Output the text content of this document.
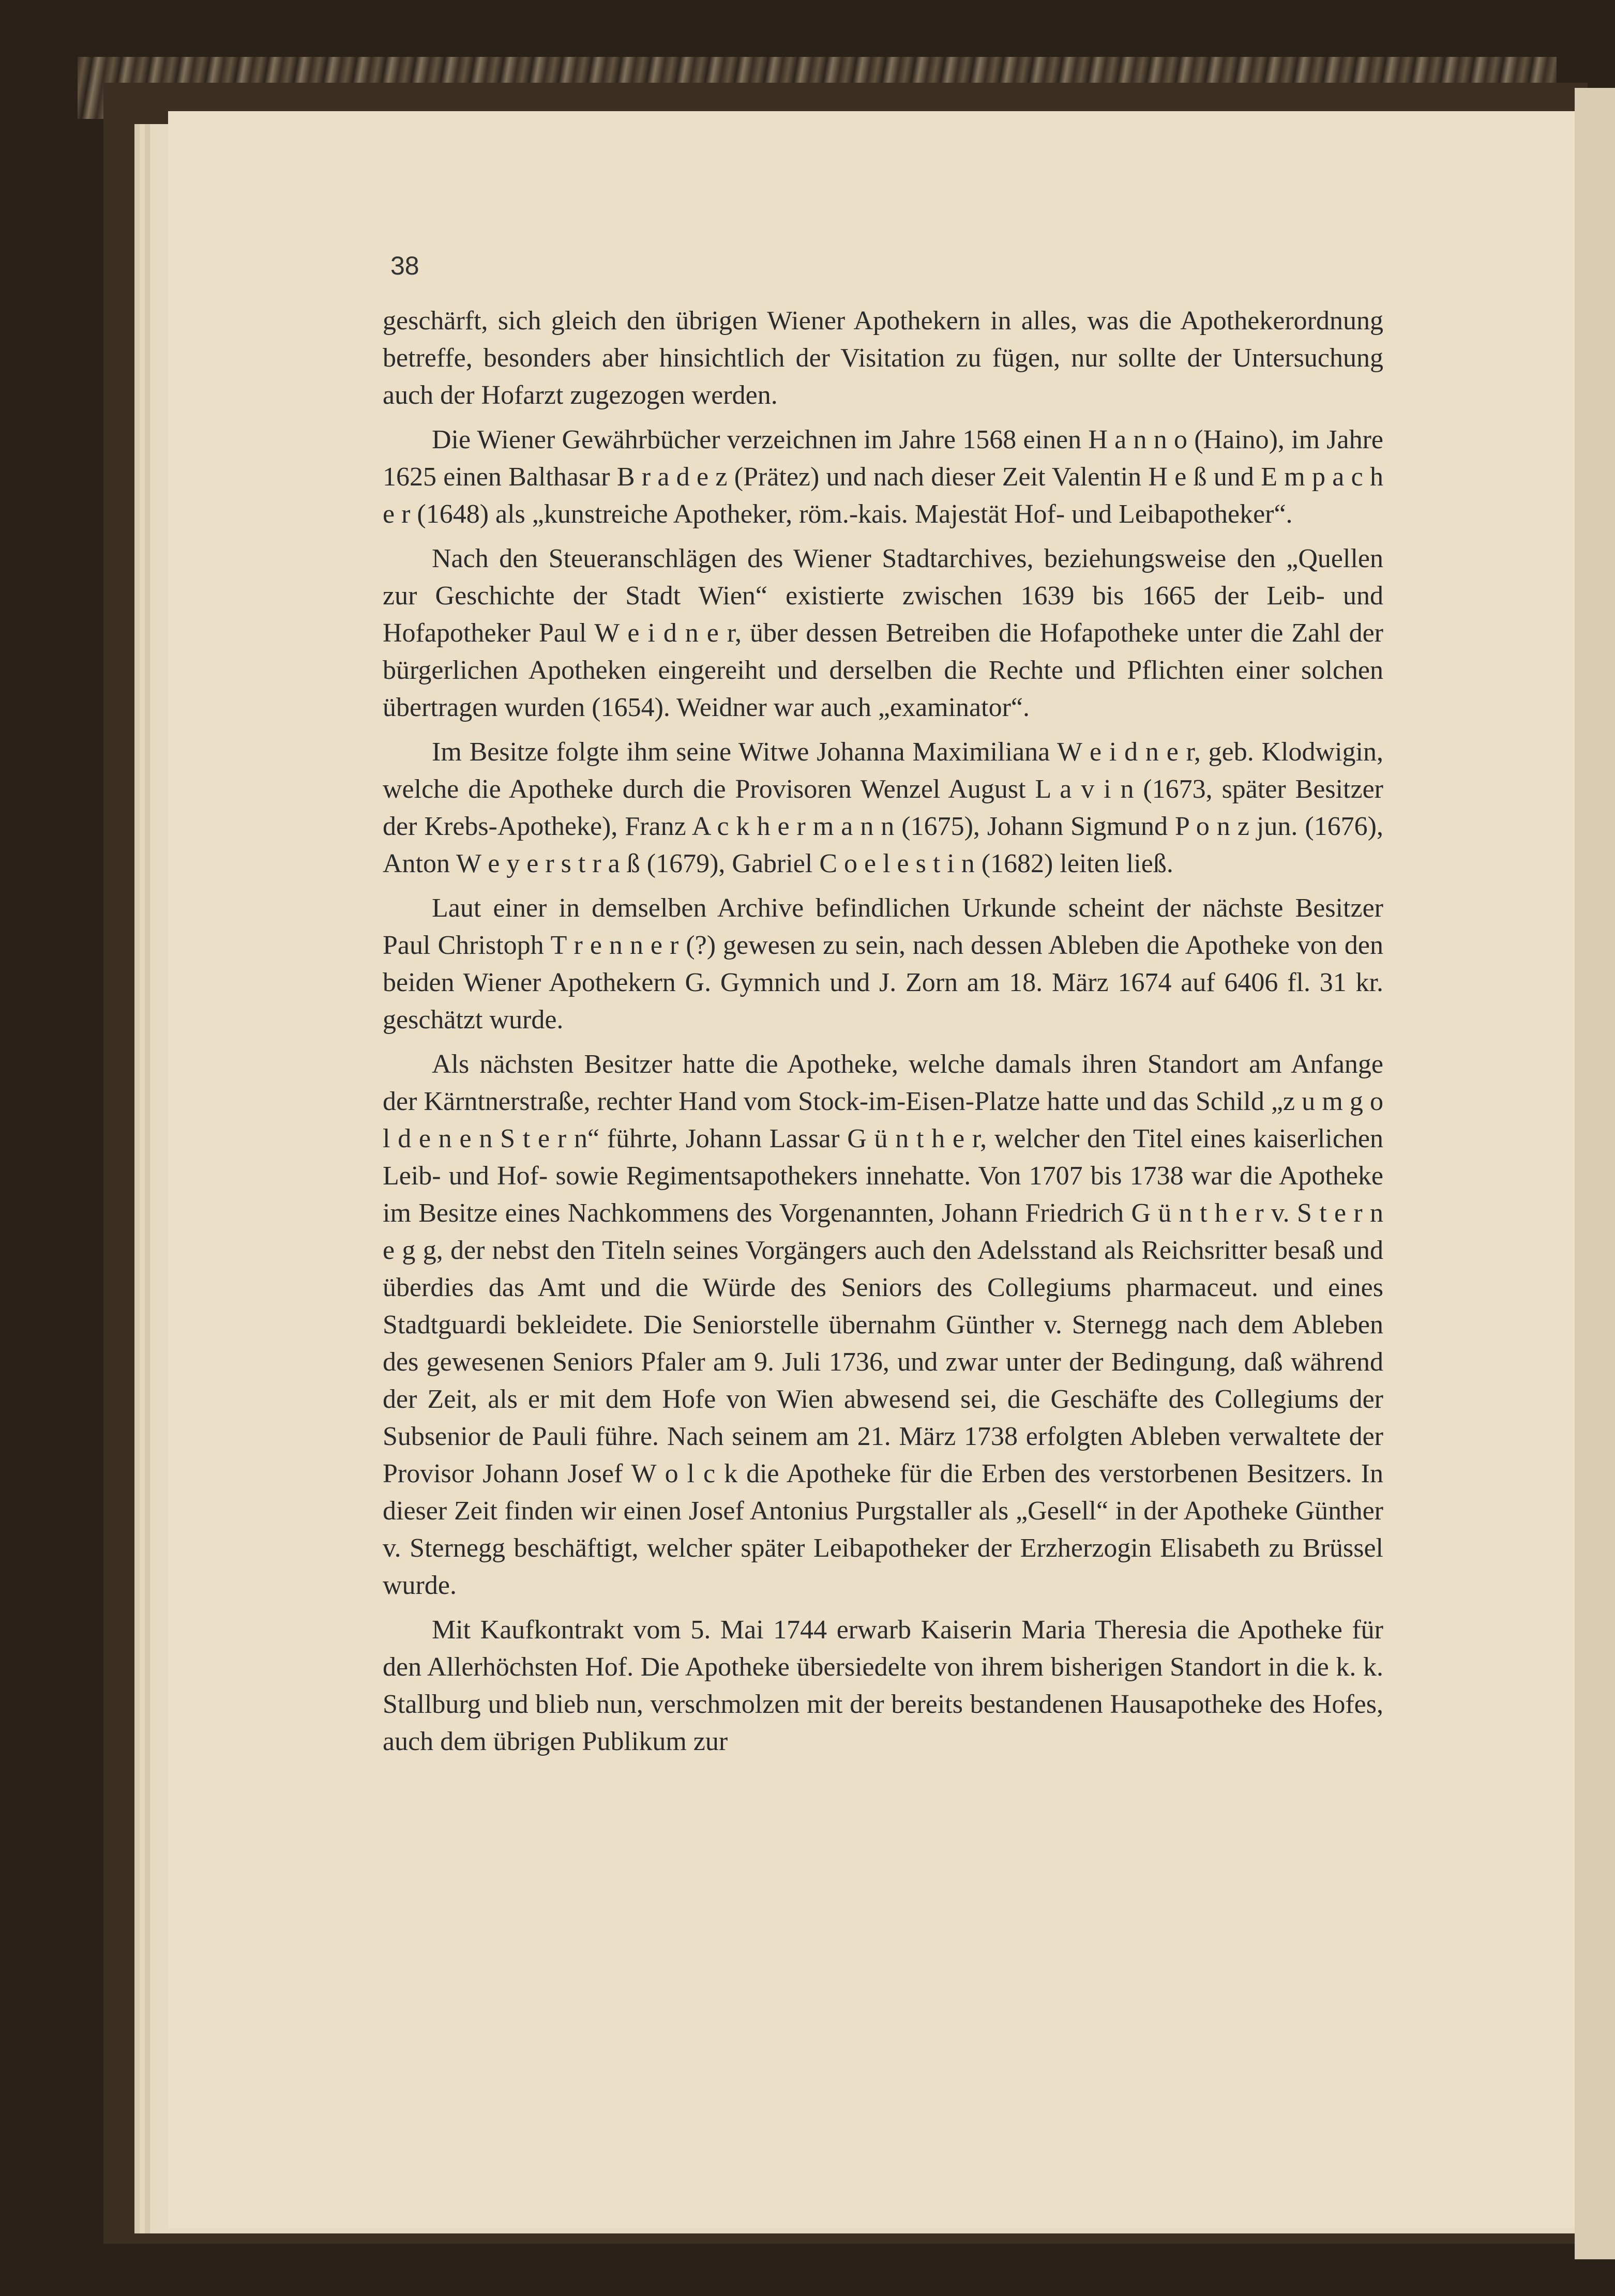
38

geschärft, sich gleich den übrigen Wiener Apothekern in alles, was die Apothekerordnung betreffe, besonders aber hinsichtlich der Visitation zu fügen, nur sollte der Untersuchung auch der Hofarzt zugezogen werden.

Die Wiener Gewährbücher verzeichnen im Jahre 1568 einen H a n n o (Haino), im Jahre 1625 einen Balthasar B r a d e z (Prätez) und nach dieser Zeit Valentin H e ß und E m p a c h e r (1648) als „kunstreiche Apotheker, röm.-kais. Majestät Hof- und Leibapotheker“.

Nach den Steueranschlägen des Wiener Stadtarchives, beziehungsweise den „Quellen zur Geschichte der Stadt Wien“ existierte zwischen 1639 bis 1665 der Leib- und Hofapotheker Paul W e i d n e r, über dessen Betreiben die Hofapotheke unter die Zahl der bürgerlichen Apotheken eingereiht und derselben die Rechte und Pflichten einer solchen übertragen wurden (1654). Weidner war auch „examinator“.

Im Besitze folgte ihm seine Witwe Johanna Maximiliana W e i d n e r, geb. Klodwigin, welche die Apotheke durch die Provisoren Wenzel August L a v i n (1673, später Besitzer der Krebs-Apotheke), Franz A c k h e r m a n n (1675), Johann Sigmund P o n z jun. (1676), Anton W e y e r s t r a ß (1679), Gabriel C o e l e s t i n (1682) leiten ließ.

Laut einer in demselben Archive befindlichen Urkunde scheint der nächste Besitzer Paul Christoph T r e n n e r (?) gewesen zu sein, nach dessen Ableben die Apotheke von den beiden Wiener Apothekern G. Gymnich und J. Zorn am 18. März 1674 auf 6406 fl. 31 kr. geschätzt wurde.

Als nächsten Besitzer hatte die Apotheke, welche damals ihren Standort am Anfange der Kärntnerstraße, rechter Hand vom Stock-im-Eisen-Platze hatte und das Schild „z u m g o l d e n e n S t e r n“ führte, Johann Lassar G ü n t h e r, welcher den Titel eines kaiserlichen Leib- und Hof- sowie Regimentsapothekers innehatte. Von 1707 bis 1738 war die Apotheke im Besitze eines Nachkommens des Vorgenannten, Johann Friedrich G ü n t h e r v. S t e r n e g g, der nebst den Titeln seines Vorgängers auch den Adelsstand als Reichsritter besaß und überdies das Amt und die Würde des Seniors des Collegiums pharmaceut. und eines Stadtguardi bekleidete. Die Seniorstelle übernahm Günther v. Sternegg nach dem Ableben des gewesenen Seniors Pfaler am 9. Juli 1736, und zwar unter der Bedingung, daß während der Zeit, als er mit dem Hofe von Wien abwesend sei, die Geschäfte des Collegiums der Subsenior de Pauli führe. Nach seinem am 21. März 1738 erfolgten Ableben verwaltete der Provisor Johann Josef W o l c k die Apotheke für die Erben des verstorbenen Besitzers. In dieser Zeit finden wir einen Josef Antonius Purgstaller als „Gesell“ in der Apotheke Günther v. Sternegg beschäftigt, welcher später Leibapotheker der Erzherzogin Elisabeth zu Brüssel wurde.

Mit Kaufkontrakt vom 5. Mai 1744 erwarb Kaiserin Maria Theresia die Apotheke für den Allerhöchsten Hof. Die Apotheke übersiedelte von ihrem bisherigen Standort in die k. k. Stallburg und blieb nun, verschmolzen mit der bereits bestandenen Hausapotheke des Hofes, auch dem übrigen Publikum zur
